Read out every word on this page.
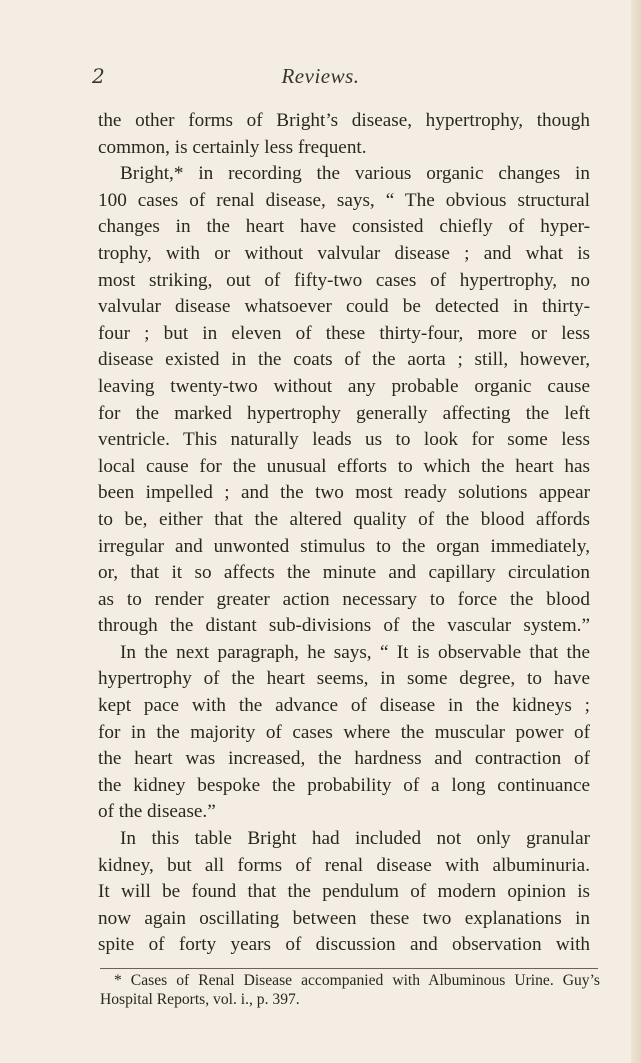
2	Reviews.
the other forms of Bright’s disease, hypertrophy, though
common, is certainly less frequent.
Bright,* in recording the various organic changes in
100 cases of renal disease, says, “ The obvious structural
changes in the heart have consisted chiefly of hyper-
trophy, with or without valvular disease ; and what is
most striking, out of fifty-two cases of hypertrophy, no
valvular disease whatsoever could be detected in thirty-
four ; but in eleven of these thirty-four, more or less
disease existed in the coats of the aorta ; still, however,
leaving twenty-two without any probable organic cause
for the marked hypertrophy generally affecting the left
ventricle. This naturally leads us to look for some less
local cause for the unusual efforts to which the heart has
been impelled ; and the two most ready solutions appear
to be, either that the altered quality of the blood affords
irregular and unwonted stimulus to the organ immediately,
or, that it so affects the minute and capillary circulation
as to render greater action necessary to force the blood
through the distant sub-divisions of the vascular system.”
In the next paragraph, he says, “ It is observable that the
hypertrophy of the heart seems, in some degree, to have
kept pace with the advance of disease in the kidneys ;
for in the majority of cases where the muscular power of
the heart was increased, the hardness and contraction of
the kidney bespoke the probability of a long continuance
of the disease.”
In this table Bright had included not only granular
kidney, but all forms of renal disease with albuminuria.
It will be found that the pendulum of modern opinion is
now again oscillating between these two explanations in
spite of forty years of discussion and observation with
* Cases of Renal Disease accompanied with Albuminous Urine. Guy’s
Hospital Reports, vol. i., p. 397.
